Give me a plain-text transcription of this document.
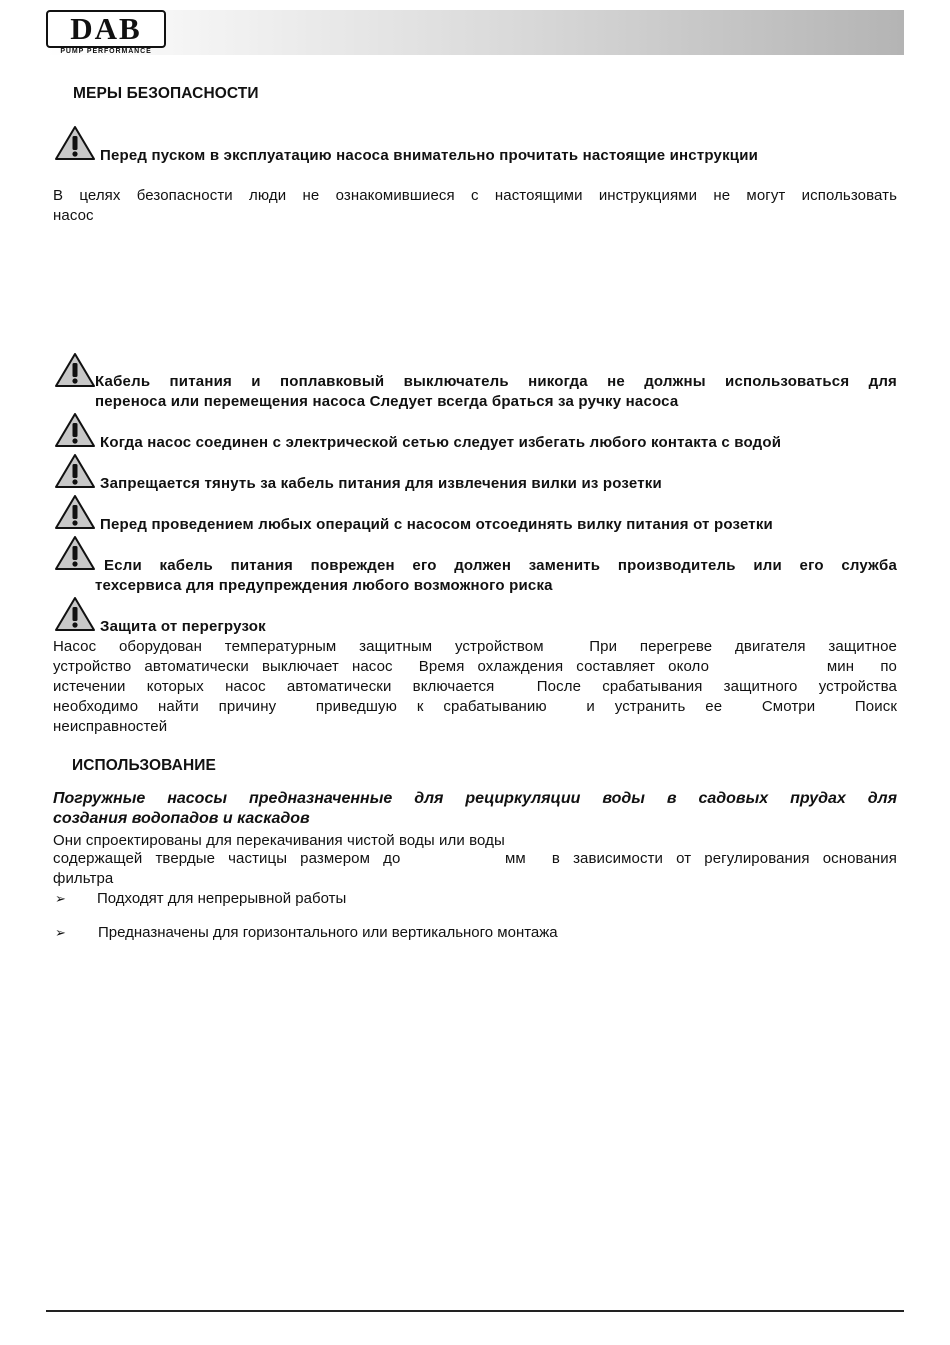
DAB
PUMP PERFORMANCE
МЕРЫ БЕЗОПАСНОСТИ
Перед пуском в эксплуатацию насоса внимательно прочитать настоящие инструкции
В целях безопасности люди не ознакомившиеся с настоящими инструкциями не могут использовать
насос
Кабель питания и поплавковый выключатель никогда не должны использоваться для
переноса или перемещения насоса Следует всегда браться за ручку насоса
Когда насос соединен с электрической сетью следует избегать любого контакта с водой
Запрещается тянуть за кабель питания для извлечения вилки из розетки
Перед проведением любых операций с насосом отсоединять вилку питания от розетки
Если кабель питания поврежден его должен заменить производитель или его служба
техсервиса для предупреждения любого возможного риска
Защита от перегрузок
Насос оборудован температурным защитным устройством  При перегреве двигателя защитное
устройство автоматически выключает насос  Время охлаждения составляет около         мин  по
истечении которых насос автоматически включается  После срабатывания защитного устройства
необходимо найти причину  приведшую к срабатыванию  и устранить ее  Смотри  Поиск
неисправностей
ИСПОЛЬЗОВАНИЕ
Погружные насосы предназначенные для рециркуляции воды в садовых прудах для
создания водопадов и каскадов
Они спроектированы для перекачивания чистой воды или воды
содержащей твердые частицы размером до        мм  в зависимости от регулирования основания
фильтра
➢ Подходят для непрерывной работы
➢ Предназначены для горизонтального или вертикального монтажа
